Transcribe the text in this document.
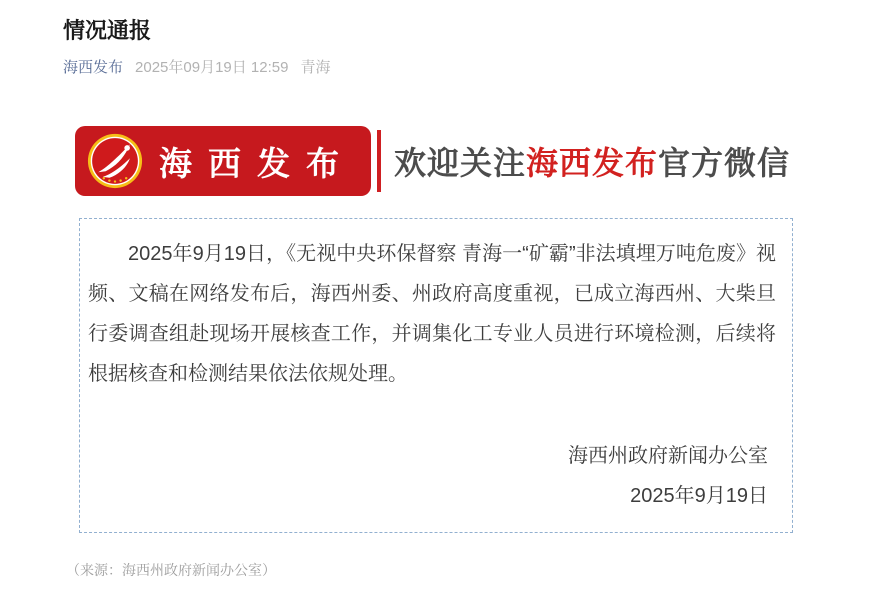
情况通报
海西发布 2025年09月19日 12:59 青海
海西发布 欢迎关注海西发布官方微信

2025年9月19日，《无视中央环保督察 青海一“矿霸”非法填埋万吨危废》视频、文稿在网络发布后，海西州委、州政府高度重视，已成立海西州、大柴旦行委调查组赴现场开展核查工作，并调集化工专业人员进行环境检测，后续将根据核查和检测结果依法依规处理。

海西州政府新闻办公室
2025年9月19日
（来源：海西州政府新闻办公室）
